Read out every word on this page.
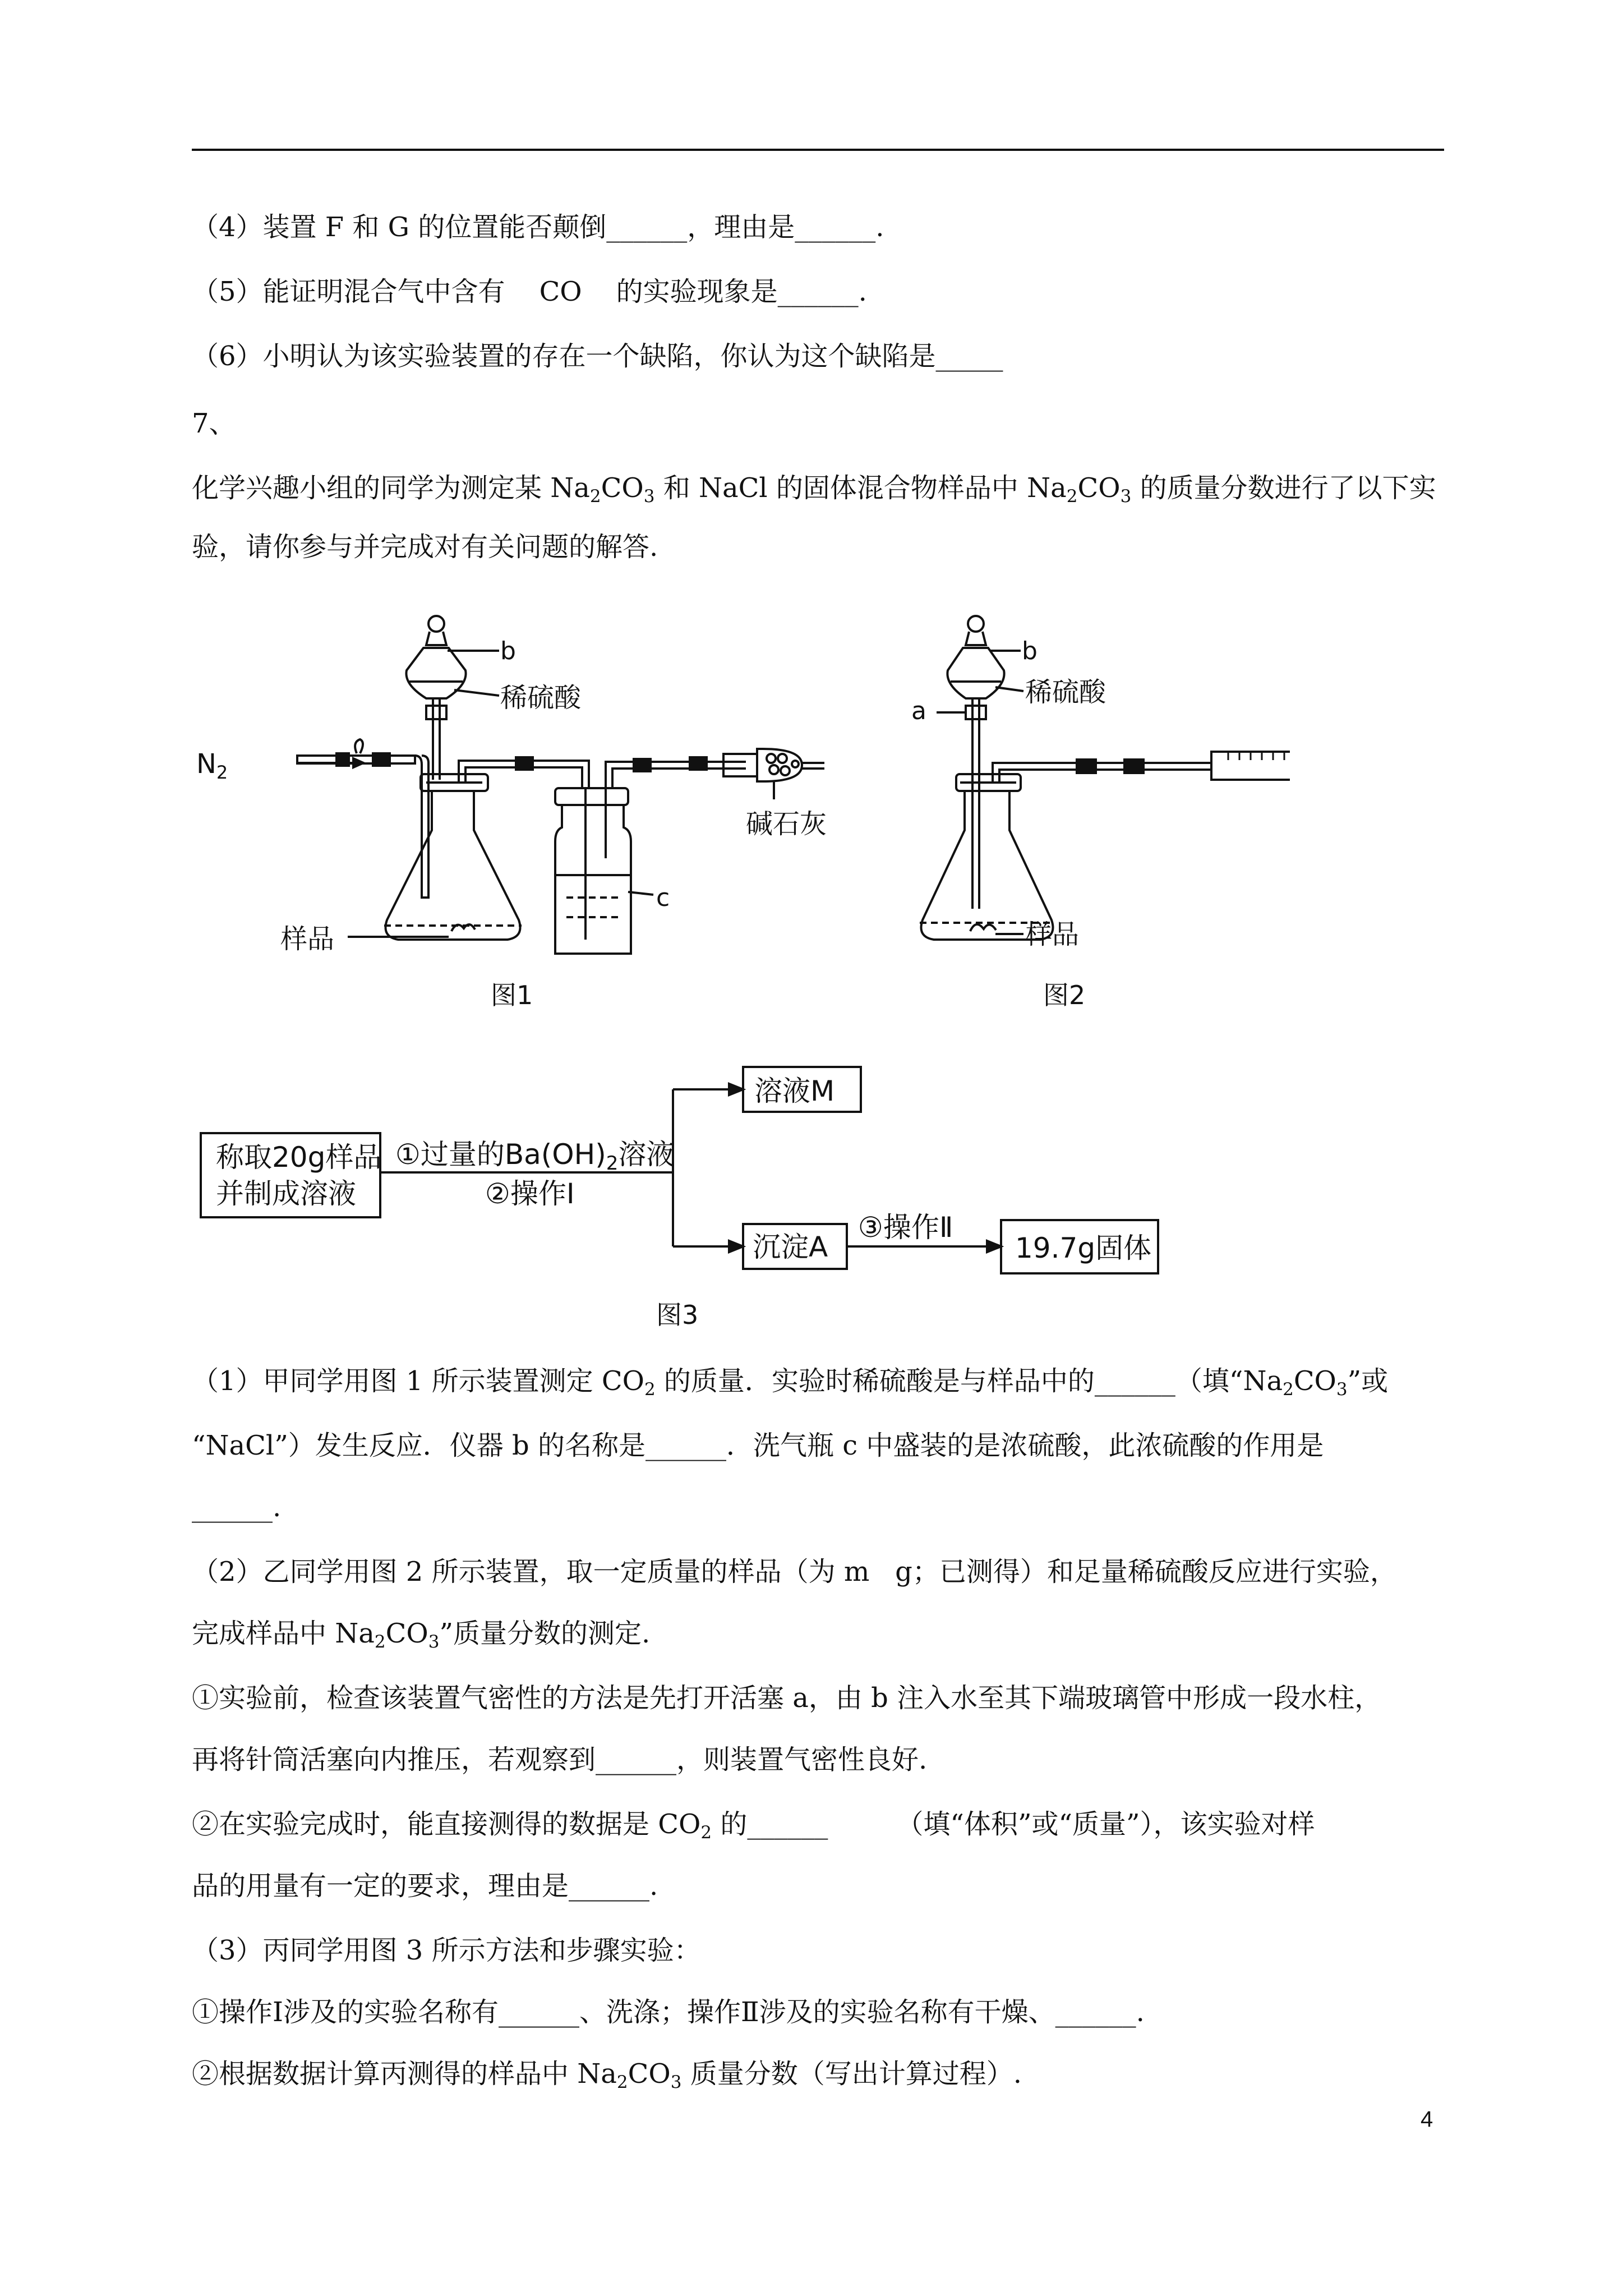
（4）装置 F 和 G 的位置能否颠倒______，理由是______.
（5）能证明混合气中含有    CO    的实验现象是______.
（6）小明认为该实验装置的存在一个缺陷，你认为这个缺陷是_____
7、
化学兴趣小组的同学为测定某 $Na_2CO_3$ 和 NaCl 的固体混合物样品中 $Na_2CO_3$ 的质量分数进行了以下实
验，请你参与并完成对有关问题的解答.
$N_2$
b
稀硫酸
碱石灰
c
样品
图1
b
稀硫酸
a
样品
图2
称取20g样品
并制成溶液
①过量的$Ba(OH)_2$溶液
②操作Ⅰ
溶液M
沉淀A
③操作Ⅱ
19.7g固体
图3
（1）甲同学用图 1 所示装置测定 $CO_2$ 的质量．实验时稀硫酸是与样品中的______（填“$Na_2CO_3$”或
“NaCl”）发生反应．仪器 b 的名称是______．洗气瓶 c 中盛装的是浓硫酸，此浓硫酸的作用是
______.
（2）乙同学用图 2 所示装置，取一定质量的样品（为 m   g；已测得）和足量稀硫酸反应进行实验，
完成样品中 $Na_2CO_3$”质量分数的测定.
①实验前，检查该装置气密性的方法是先打开活塞 a，由 b 注入水至其下端玻璃管中形成一段水柱，
再将针筒活塞向内推压，若观察到______，则装置气密性良好.
②在实验完成时，能直接测得的数据是 $CO_2$ 的______        （填“体积”或“质量”），该实验对样
品的用量有一定的要求，理由是______.
（3）丙同学用图 3 所示方法和步骤实验：
①操作Ⅰ涉及的实验名称有______、洗涤；操作Ⅱ涉及的实验名称有干燥、______.
②根据数据计算丙测得的样品中 $Na_2CO_3$ 质量分数（写出计算过程）.
4
